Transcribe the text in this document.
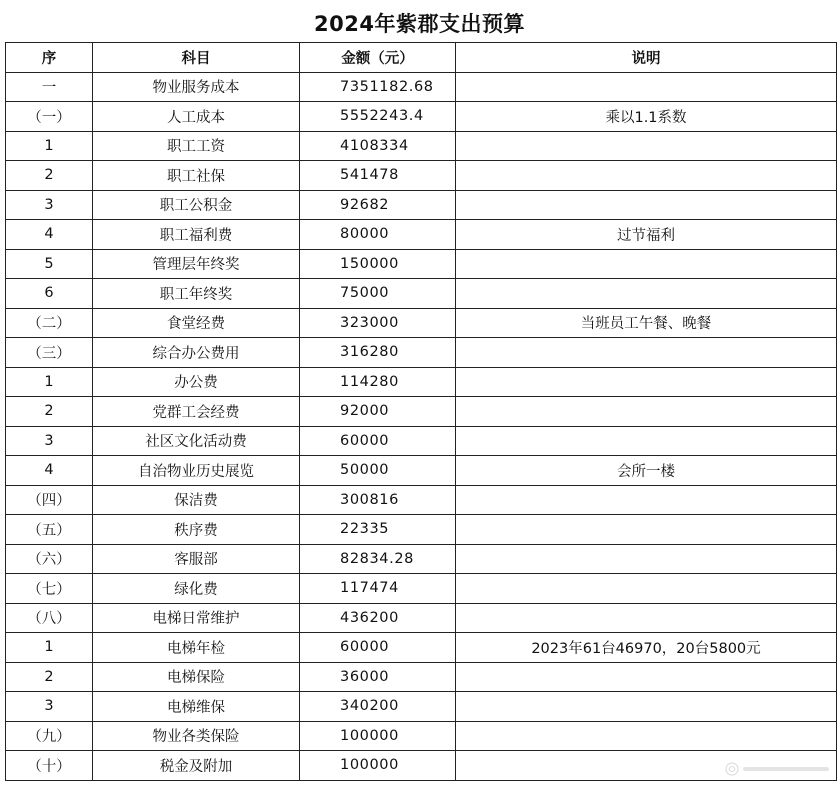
2024年紫郡支出预算
序	科目	金额（元）	说明
一	物业服务成本	7351182.68	
（一）	人工成本	5552243.4	乘以1.1系数
1	职工工资	4108334	
2	职工社保	541478	
3	职工公积金	92682	
4	职工福利费	80000	过节福利
5	管理层年终奖	150000	
6	职工年终奖	75000	
（二）	食堂经费	323000	当班员工午餐、晚餐
（三）	综合办公费用	316280	
1	办公费	114280	
2	党群工会经费	92000	
3	社区文化活动费	60000	
4	自治物业历史展览	50000	会所一楼
（四）	保洁费	300816	
（五）	秩序费	22335	
（六）	客服部	82834.28	
（七）	绿化费	117474	
（八）	电梯日常维护	436200	
1	电梯年检	60000	2023年61台46970，20台5800元
2	电梯保险	36000	
3	电梯维保	340200	
（九）	物业各类保险	100000	
（十）	税金及附加	100000	
